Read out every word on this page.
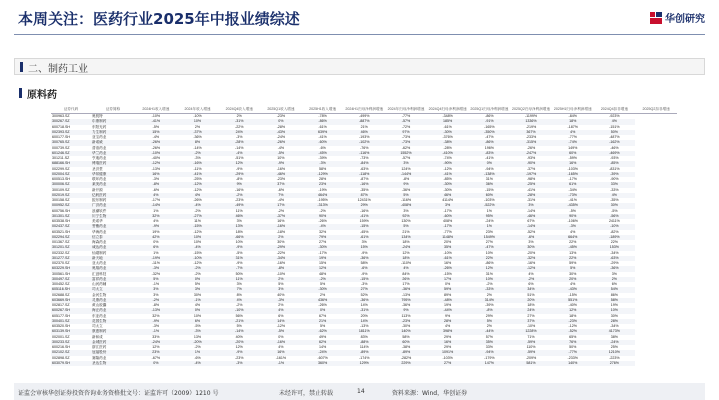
本周关注：医药行业2025年中报业绩综述	华创研究
二、制药工业
原料药
证券代码	证券简称	2024H1收入增速	2024年收入增速	2024Q4收入增速	2025Q1收入增速	2025H1收入增速	2024H1归母净利润增速	2024年归母净利润增速	2024Q4归母净利润增速	2025Q1归母净利润增速	2025Q2归母净利润增速	2025H1归母净利润增速	2024Q4扣非增速	2025Q2扣非增速
300963.SZ	奥锐特	-10%	-10%	2%	-23%	-78%	-499%	-77%	-348%	-86%	-1199%	-84%	-923%	
300267.SZ	尔康制药	-41%	10%	-31%	0%	-86%	-887%	-57%	185%	-91%	1336%	18%	4%	
600718.SH	东阳光药	-5%	2%	-22%	-28%	-61%	21%	-72%	-61%	-165%	-219%	-187%	-151%	
002393.SZ	力生制药	15%	-37%	24%	-43%	639%	46%	97%	-30%	-350%	367%	4%	50%	
600177.SH	亚宝药业	-4%	-36%	-3%	-24%	-41%	-193%	-73%	-376%	-47%	-233%	-77%	-487%	
300765.SZ	新诺威	-26%	8%	-28%	-26%	-60%	-102%	-73%	-38%	-86%	-315%	-74%	-162%	
000739.SZ	普洛药业	-26%	-14%	-14%	-4%	-6%	-76%	-62%	-28%	196%	-26%	149%	-46%	
601246.SZ	华兰药业	-10%	-2%	-4%	-5%	-45%	-116%	1552%	-410%	-83%	-247%	60%	-469%	
301211.SZ	亨迪药业	-40%	-3%	-51%	10%	-39%	-73%	-57%	-74%	-41%	-93%	-59%	-93%	
688166.SH	博瑞医药	-12%	-16%	12%	-9%	-3%	-84%	3%	-90%	0%	-90%	16%	-85%	
002299.SZ	圣济堂	-13%	-11%	-9%	-16%	58%	-63%	124%	-12%	-94%	-37%	-103%	-831%	
002004.SZ	华邦健康	16%	-41%	-29%	-46%	-129%	-118%	-144%	-41%	-138%	-197%	-165%	-39%	
600513.SH	联环药业	-3%	-25%	-8%	-23%	28%	-87%	-8%	-85%	31%	-98%	-17%	-90%	
300006.SZ	莱美药业	-8%	-12%	9%	37%	23%	-16%	9%	-30%	36%	-25%	61%	33%	
300109.SZ	新开源	-6%	-12%	-16%	-6%	-19%	-35%	-36%	-30%	-15%	-41%	-34%	-33%	
002019.SZ	亿帆医药	4%	4%	-2%	7%	464%	87%	5%	46%	60%	-28%	-73%	4%	
300158.SZ	振东制药	-17%	-26%	-23%	-4%	-195%	12431%	-116%	4114%	-103%	-31%	-41%	-35%	
000952.SZ	广济药业	-14%	-4%	-49%	17%	-313%	29%	-408%	3%	-522%	3%	-435%	30%	
600756.SH	浪潮软件	1%	-2%	11%	-2%	-2%	-16%	3%	-17%	1%	-14%	-5%	-5%	
301301.SZ	川宁生物	32%	-27%	46%	-37%	90%	-41%	92%	-60%	95%	-46%	90%	-56%	
603538.SH	美诺华	4%	11%	3%	16%	-26%	159%	130%	408%	-24%	67%	-106%	2411%	
002437.SZ	誉衡药业	-9%	-15%	13%	-16%	-4%	-15%	5%	-17%	1%	-14%	-3%	-10%	
603521.SH	华海药业	19%	-12%	18%	-18%	32%	-45%	21%	-77%	23%	-52%	4%	-82%	
002294.SZ	信立泰	42%	10%	-66%	2%	79%	-61%	134%	1148%	1549%	-6%	664%	-189%	
001367.SZ	海森药业	0%	10%	10%	30%	27%	3%	18%	20%	27%	3%	22%	22%	
301201.SZ	诚达药业	6%	-4%	-9%	-29%	-30%	15%	-24%	35%	-47%	30%	-45%	153%	
002332.SZ	仙琚制药	1%	-15%	-5%	-22%	-17%	-9%	12%	-10%	10%	-20%	13%	-34%	
301277.SZ	新天地	-19%	-10%	31%	-34%	19%	-36%	18%	-61%	22%	-32%	22%	-63%	
002370.SZ	亚太药业	-11%	-12%	-9%	-16%	15%	58%	-110%	16%	-86%	-16%	59%	-29%	
603229.SH	奥翔药业	-3%	-2%	-7%	-8%	12%	-6%	4%	-26%	12%	-12%	5%	-36%	
300561.SH	汇创科技	-32%	-2%	50%	-10%	48%	-9%	84%	-15%	31%	4%	30%	3%	
300497.SZ	富祥药业	5%	0%	11%	2%	-2%	-15%	26%	17%	10%	-2%	20%	2%	
300452.SZ	山河药辅	-1%	5%	3%	5%	5%	-3%	17%	0%	-2%	6%	4%	6%	
605116.SH	司太立	3%	3%	7%	3%	-30%	27%	-36%	59%	-33%	34%	-43%	54%	
002688.SZ	金河生物	3%	30%	8%	40%	2%	52%	-13%	89%	2%	51%	-15%	86%	
603669.SH	灵康药业	-2%	-1%	4%	-3%	436%	-36%	795%	-48%	314%	20%	551%	58%	
002817.SZ	黄山胶囊	-8%	4%	-2%	2%	-26%	14%	-36%	19%	-39%	18%	-40%	19%	
600267.SH	海正药业	-13%	0%	-10%	4%	0%	-31%	9%	-44%	-8%	24%	12%	10%	
605177.SH	东亚药业	32%	10%	56%	6%	67%	20%	113%	9%	29%	27%	18%	30%	
300401.SZ	花园生物	-9%	6%	-21%	14%	21%	14%	-23%	28%	5%	37%	-23%	28%	
603520.SH	司太立	-3%	-5%	5%	-12%	5%	-13%	-30%	4%	2%	-10%	-12%	-34%	
603139.SH	康惠制药	-1%	-3%	-14%	-5%	-62%	1811%	140%	398%	-44%	1228%	-52%	4173%	
002001.SZ	新和成	33%	13%	40%	0%	49%	83%	58%	29%	57%	71%	65%	38%	
300233.SZ	金城医药	-24%	-20%	-20%	-16%	62%	-88%	60%	16%	35%	-59%	76%	-24%	
600216.SH	浙江医药	12%	-2%	12%	4%	14%	114%	-38%	29%	33%	110%	50%	25%	
002102.SZ	冠福股份	23%	1%	-9%	16%	-24%	-89%	-89%	1091%	-94%	-59%	-77%	1210%	
002898.SZ	赛隆药业	-67%	-6%	-23%	-161%	-607%	-174%	-282%	-103%	-179%	-209%	-233%	-223%	
603079.SH	圣达生物	0%	-4%	-3%	-1%	360%	129%	229%	27%	147%	581%	140%	276%	
证监会审核华创证券投资咨询业务资格批文号：证监许可（2009）1210 号	未经许可，禁止转载	14	资料来源：Wind，华创证券
